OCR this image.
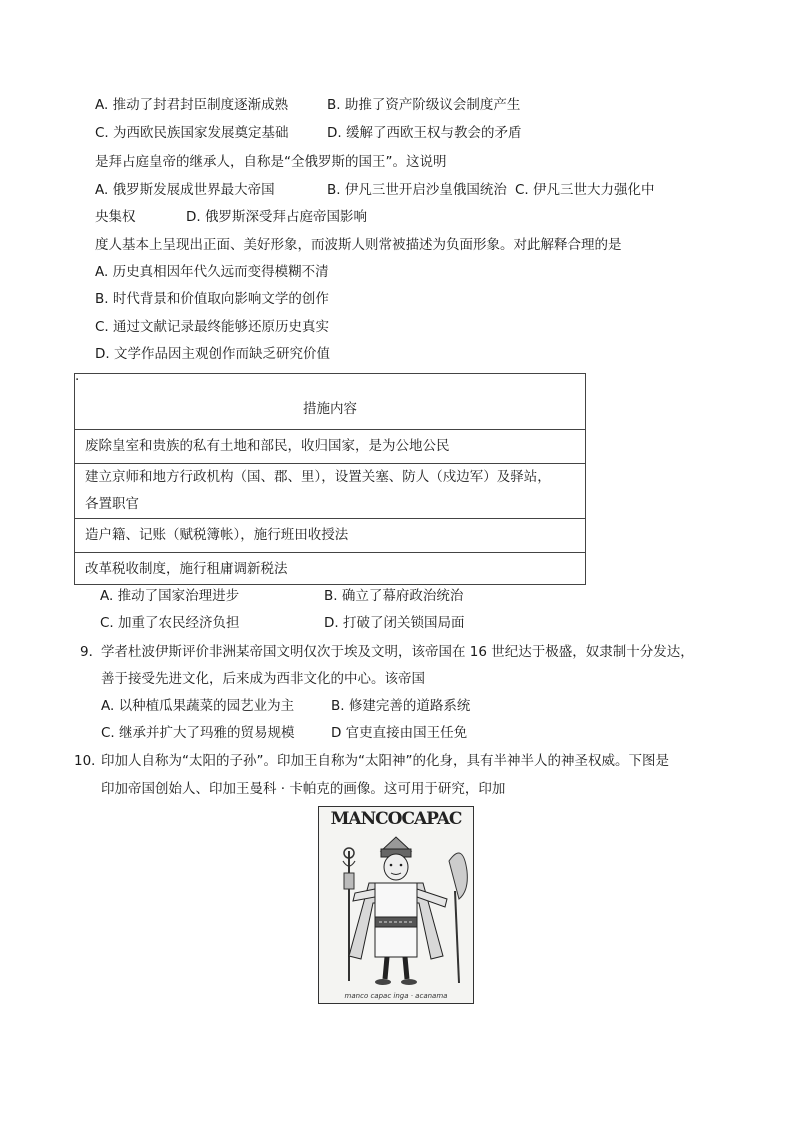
A. 推动了封君封臣制度逐渐成熟	B. 助推了资产阶级议会制度产生
C. 为西欧民族国家发展奠定基础	D. 缓解了西欧王权与教会的矛盾
是拜占庭皇帝的继承人，自称是“全俄罗斯的国王”。这说明
A. 俄罗斯发展成世界最大帝国	B. 伊凡三世开启沙皇俄国统治 C. 伊凡三世大力强化中
央集权	D. 俄罗斯深受拜占庭帝国影响
度人基本上呈现出正面、美好形象，而波斯人则常被描述为负面形象。对此解释合理的是
A. 历史真相因年代久远而变得模糊不清
B. 时代背景和价值取向影响文学的创作
C. 通过文献记录最终能够还原历史真实
D. 文学作品因主观创作而缺乏研究价值
.
措施内容
废除皇室和贵族的私有土地和部民，收归国家，是为公地公民
建立京师和地方行政机构（国、郡、里），设置关塞、防人（戍边军）及驿站，
各置职官
造户籍、记账（赋税簿帐），施行班田收授法
改革税收制度，施行租庸调新税法
A. 推动了国家治理进步	B. 确立了幕府政治统治
C. 加重了农民经济负担	D. 打破了闭关锁国局面
9．
学者杜波伊斯评价非洲某帝国文明仅次于埃及文明，该帝国在 16 世纪达于极盛，奴隶制十分发达，
善于接受先进文化，后来成为西非文化的中心。该帝国
A. 以种植瓜果蔬菜的园艺业为主	B. 修建完善的道路系统
C. 继承并扩大了玛雅的贸易规模	D 官吏直接由国王任免
10．
印加人自称为“太阳的子孙”。印加王自称为“太阳神”的化身，具有半神半人的神圣权威。下图是
印加帝国创始人、印加王曼科 · 卡帕克的画像。这可用于研究，印加
MANCOCAPAC
manco capac inga · acanama
